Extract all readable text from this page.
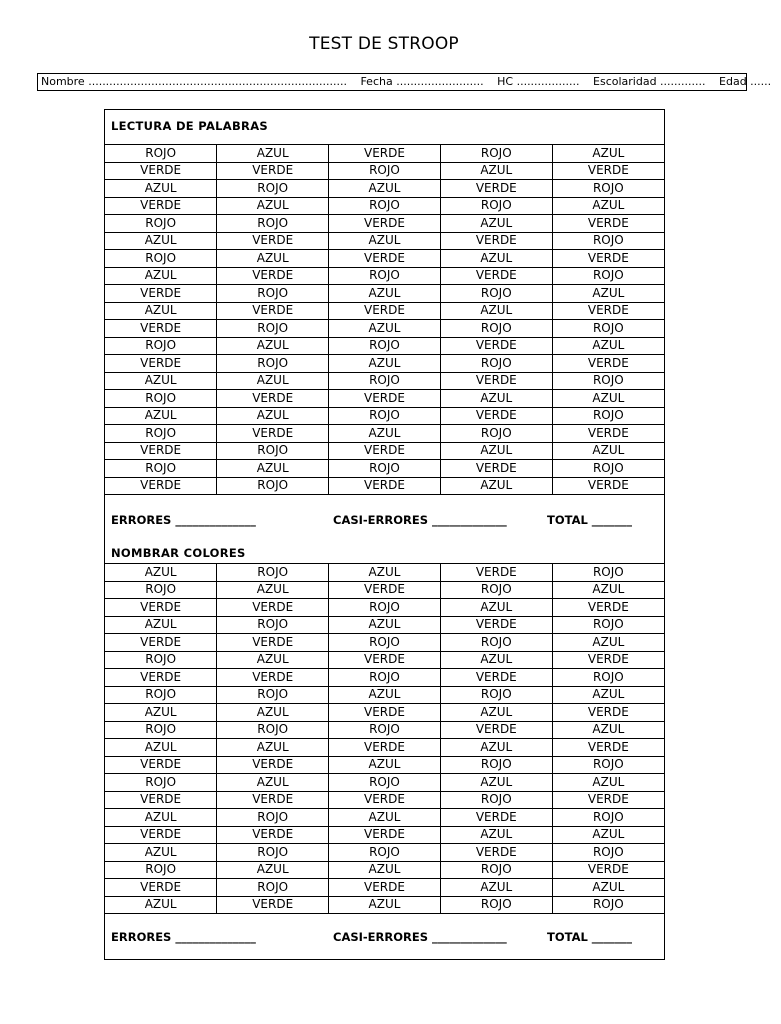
TEST DE STROOP
Nombre .......................................................................... Fecha ......................... HC .................. Escolaridad ............. Edad ......
LECTURA DE PALABRAS
ROJO	AZUL	VERDE	ROJO	AZUL
VERDE	VERDE	ROJO	AZUL	VERDE
AZUL	ROJO	AZUL	VERDE	ROJO
VERDE	AZUL	ROJO	ROJO	AZUL
ROJO	ROJO	VERDE	AZUL	VERDE
AZUL	VERDE	AZUL	VERDE	ROJO
ROJO	AZUL	VERDE	AZUL	VERDE
AZUL	VERDE	ROJO	VERDE	ROJO
VERDE	ROJO	AZUL	ROJO	AZUL
AZUL	VERDE	VERDE	AZUL	VERDE
VERDE	ROJO	AZUL	ROJO	ROJO
ROJO	AZUL	ROJO	VERDE	AZUL
VERDE	ROJO	AZUL	ROJO	VERDE
AZUL	AZUL	ROJO	VERDE	ROJO
ROJO	VERDE	VERDE	AZUL	AZUL
AZUL	AZUL	ROJO	VERDE	ROJO
ROJO	VERDE	AZUL	ROJO	VERDE
VERDE	ROJO	VERDE	AZUL	AZUL
ROJO	AZUL	ROJO	VERDE	ROJO
VERDE	ROJO	VERDE	AZUL	VERDE
ERRORES ______________	CASI-ERRORES _____________	TOTAL _______
NOMBRAR COLORES
AZUL	ROJO	AZUL	VERDE	ROJO
ROJO	AZUL	VERDE	ROJO	AZUL
VERDE	VERDE	ROJO	AZUL	VERDE
AZUL	ROJO	AZUL	VERDE	ROJO
VERDE	VERDE	ROJO	ROJO	AZUL
ROJO	AZUL	VERDE	AZUL	VERDE
VERDE	VERDE	ROJO	VERDE	ROJO
ROJO	ROJO	AZUL	ROJO	AZUL
AZUL	AZUL	VERDE	AZUL	VERDE
ROJO	ROJO	ROJO	VERDE	AZUL
AZUL	AZUL	VERDE	AZUL	VERDE
VERDE	VERDE	AZUL	ROJO	ROJO
ROJO	AZUL	ROJO	AZUL	AZUL
VERDE	VERDE	VERDE	ROJO	VERDE
AZUL	ROJO	AZUL	VERDE	ROJO
VERDE	VERDE	VERDE	AZUL	AZUL
AZUL	ROJO	ROJO	VERDE	ROJO
ROJO	AZUL	AZUL	ROJO	VERDE
VERDE	ROJO	VERDE	AZUL	AZUL
AZUL	VERDE	AZUL	ROJO	ROJO
ERRORES ______________	CASI-ERRORES _____________	TOTAL _______
